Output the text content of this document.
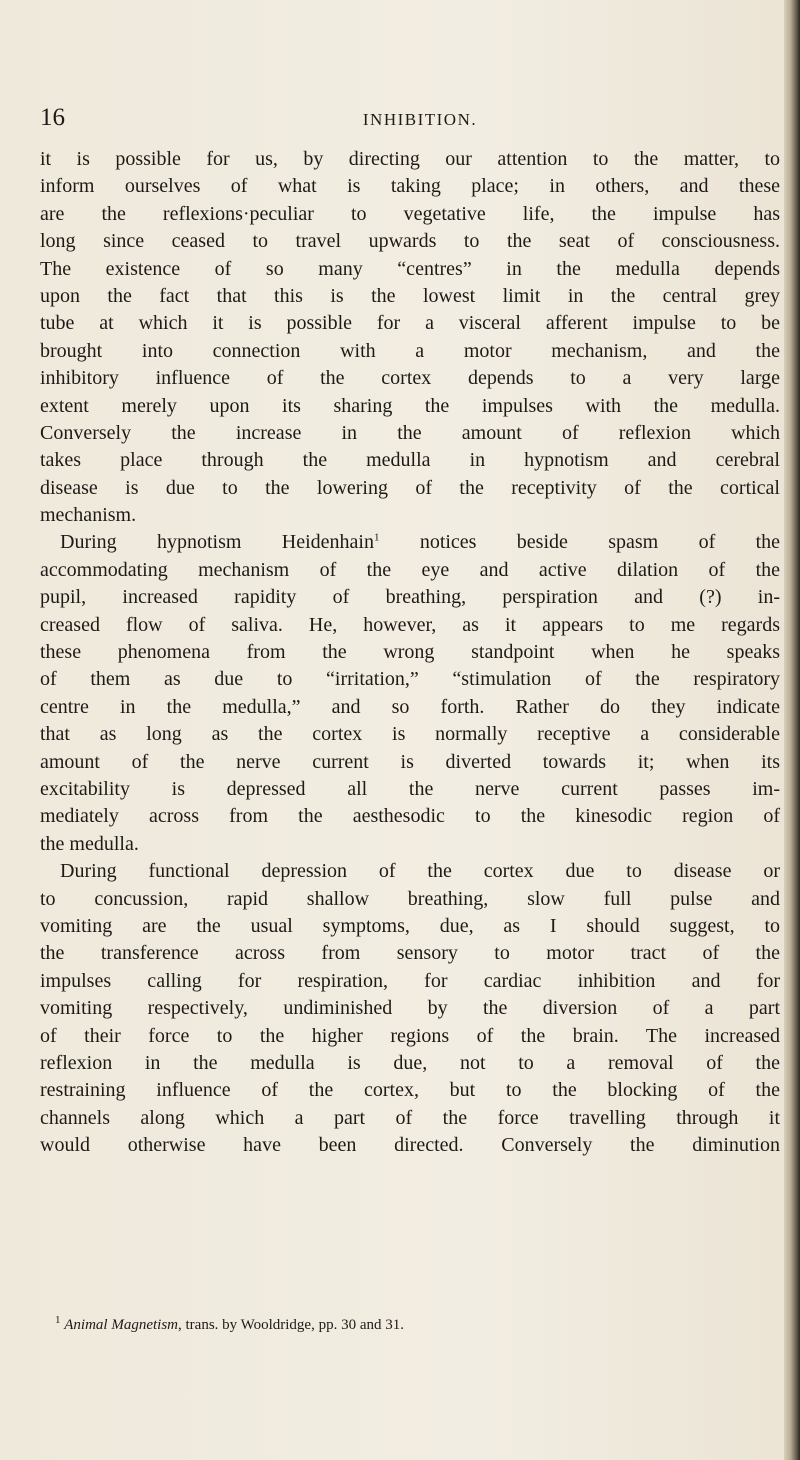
16	INHIBITION.
it is possible for us, by directing our attention to the matter, to
inform ourselves of what is taking place; in others, and these
are the reflexions·peculiar to vegetative life, the impulse has
long since ceased to travel upwards to the seat of consciousness.
The existence of so many “centres” in the medulla depends
upon the fact that this is the lowest limit in the central grey
tube at which it is possible for a visceral afferent impulse to be
brought into connection with a motor mechanism, and the
inhibitory influence of the cortex depends to a very large
extent merely upon its sharing the impulses with the medulla.
Conversely the increase in the amount of reflexion which
takes place through the medulla in hypnotism and cerebral
disease is due to the lowering of the receptivity of the cortical
mechanism.
During hypnotism Heidenhain$^1$ notices beside spasm of the
accommodating mechanism of the eye and active dilation of the
pupil, increased rapidity of breathing, perspiration and (?) in-
creased flow of saliva. He, however, as it appears to me regards
these phenomena from the wrong standpoint when he speaks
of them as due to “irritation,” “stimulation of the respiratory
centre in the medulla,” and so forth. Rather do they indicate
that as long as the cortex is normally receptive a considerable
amount of the nerve current is diverted towards it; when its
excitability is depressed all the nerve current passes im-
mediately across from the aesthesodic to the kinesodic region of
the medulla.
During functional depression of the cortex due to disease or
to concussion, rapid shallow breathing, slow full pulse and
vomiting are the usual symptoms, due, as I should suggest, to
the transference across from sensory to motor tract of the
impulses calling for respiration, for cardiac inhibition and for
vomiting respectively, undiminished by the diversion of a part
of their force to the higher regions of the brain. The increased
reflexion in the medulla is due, not to a removal of the
restraining influence of the cortex, but to the blocking of the
channels along which a part of the force travelling through it
would otherwise have been directed. Conversely the diminution
$^1$ Animal Magnetism, trans. by Wooldridge, pp. 30 and 31.
